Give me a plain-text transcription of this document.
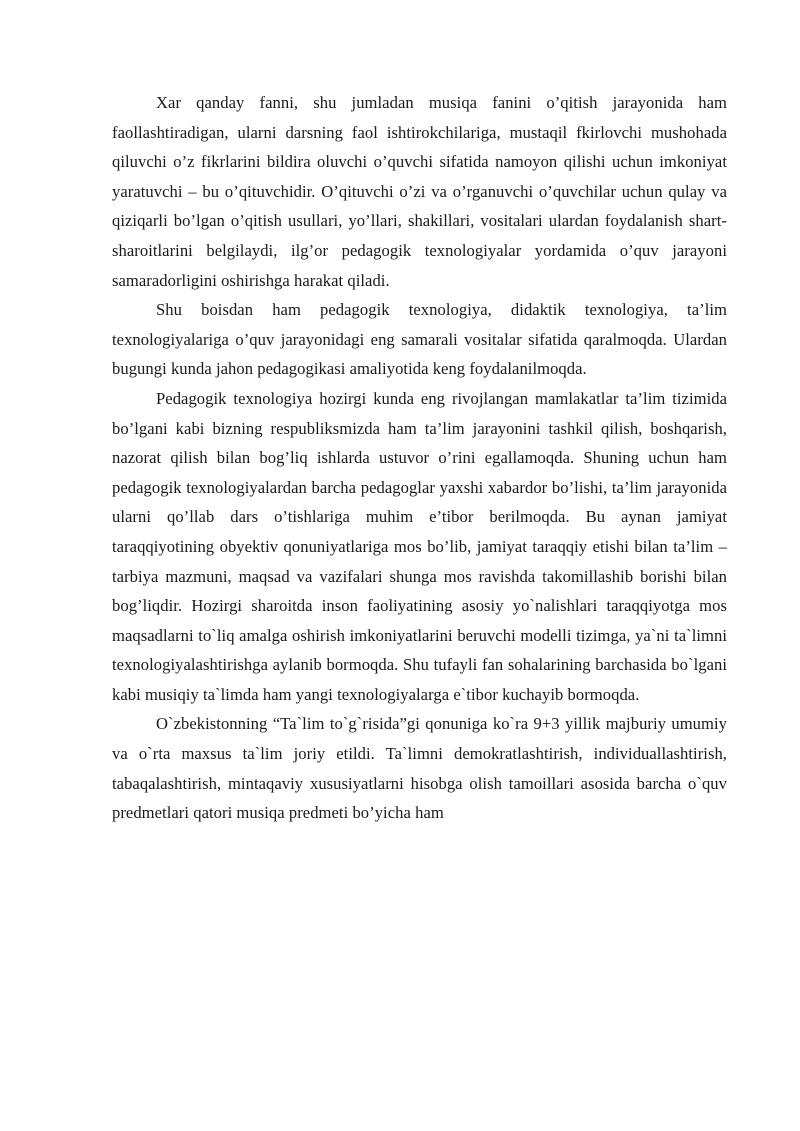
Xar qanday fanni, shu jumladan musiqa fanini o’qitish jarayonida ham faollashtiradigan, ularni darsning faol ishtirokchilariga, mustaqil fkirlovchi mushohada qiluvchi o’z fikrlarini bildira oluvchi o’quvchi sifatida namoyon qilishi uchun imkoniyat yaratuvchi – bu o’qituvchidir. O’qituvchi o’zi va o’rganuvchi o’quvchilar uchun qulay va qiziqarli bo’lgan o’qitish usullari, yo’llari, shakillari, vositalari ulardan foydalanish shart-sharoitlarini belgilaydi, ilg’or pedagogik texnologiyalar yordamida o’quv jarayoni samaradorligini oshirishga harakat qiladi.

Shu boisdan ham pedagogik texnologiya, didaktik texnologiya, ta’lim texnologiyalariga o’quv jarayonidagi eng samarali vositalar sifatida qaralmoqda. Ulardan bugungi kunda jahon pedagogikasi amaliyotida keng foydalanilmoqda.

Pedagogik texnologiya hozirgi kunda eng rivojlangan mamlakatlar ta’lim tizimida bo’lgani kabi bizning respubliksmizda ham ta’lim jarayonini tashkil qilish, boshqarish, nazorat qilish bilan bog’liq ishlarda ustuvor o’rini egallamoqda. Shuning uchun ham pedagogik texnologiyalardan barcha pedagoglar yaxshi xabardor bo’lishi, ta’lim jarayonida ularni qo’llab dars o’tishlariga muhim e’tibor berilmoqda. Bu aynan jamiyat taraqqiyotining obyektiv qonuniyatlariga mos bo’lib, jamiyat taraqqiy etishi bilan ta’lim – tarbiya mazmuni, maqsad va vazifalari shunga mos ravishda takomillashib borishi bilan bog’liqdir. Hozirgi sharoitda inson faoliyatining asosiy yo`nalishlari taraqqiyotga mos maqsadlarni to`liq amalga oshirish imkoniyatlarini beruvchi modelli tizimga, ya`ni ta`limni texnologiyalashtirishga aylanib bormoqda. Shu tufayli fan sohalarining barchasida bo`lgani kabi musiqiy ta`limda ham yangi texnologiyalarga e`tibor kuchayib bormoqda.

O`zbekistonning “Ta`lim to`g`risida”gi qonuniga ko`ra 9+3 yillik majburiy umumiy va o`rta maxsus ta`lim joriy etildi. Ta`limni demokratlashtirish, individuallashtirish, tabaqalashtirish, mintaqaviy xususiyatlarni hisobga olish tamoillari asosida barcha o`quv predmetlari qatori musiqa predmeti bo’yicha ham
